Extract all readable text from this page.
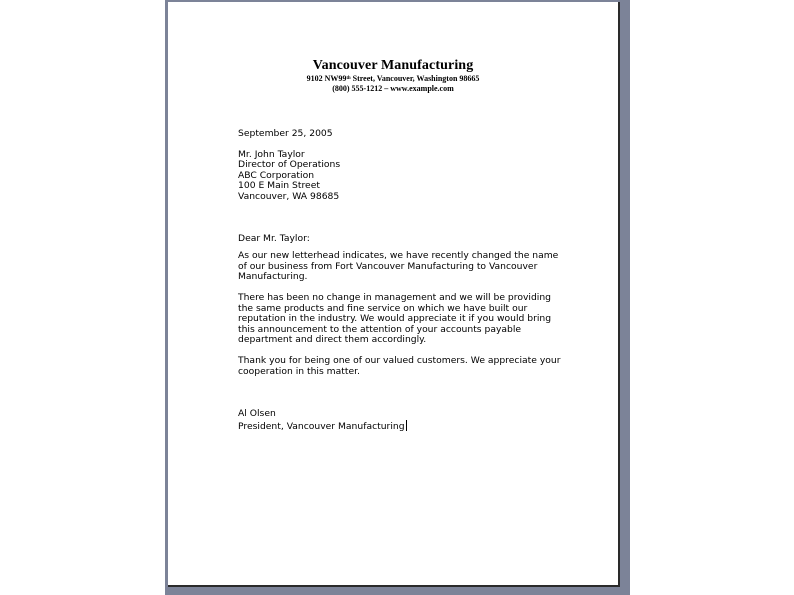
Vancouver Manufacturing
9102 NW99ᵗʰ Street, Vancouver, Washington 98665
(800) 555-1212 – www.example.com
September 25, 2005
Mr. John Taylor
Director of Operations
ABC Corporation
100 E Main Street
Vancouver, WA 98685
Dear Mr. Taylor:
As our new letterhead indicates, we have recently changed the name
of our business from Fort Vancouver Manufacturing to Vancouver
Manufacturing.
There has been no change in management and we will be providing
the same products and fine service on which we have built our
reputation in the industry. We would appreciate it if you would bring
this announcement to the attention of your accounts payable
department and direct them accordingly.
Thank you for being one of our valued customers. We appreciate your
cooperation in this matter.
Al Olsen
President, Vancouver Manufacturing
